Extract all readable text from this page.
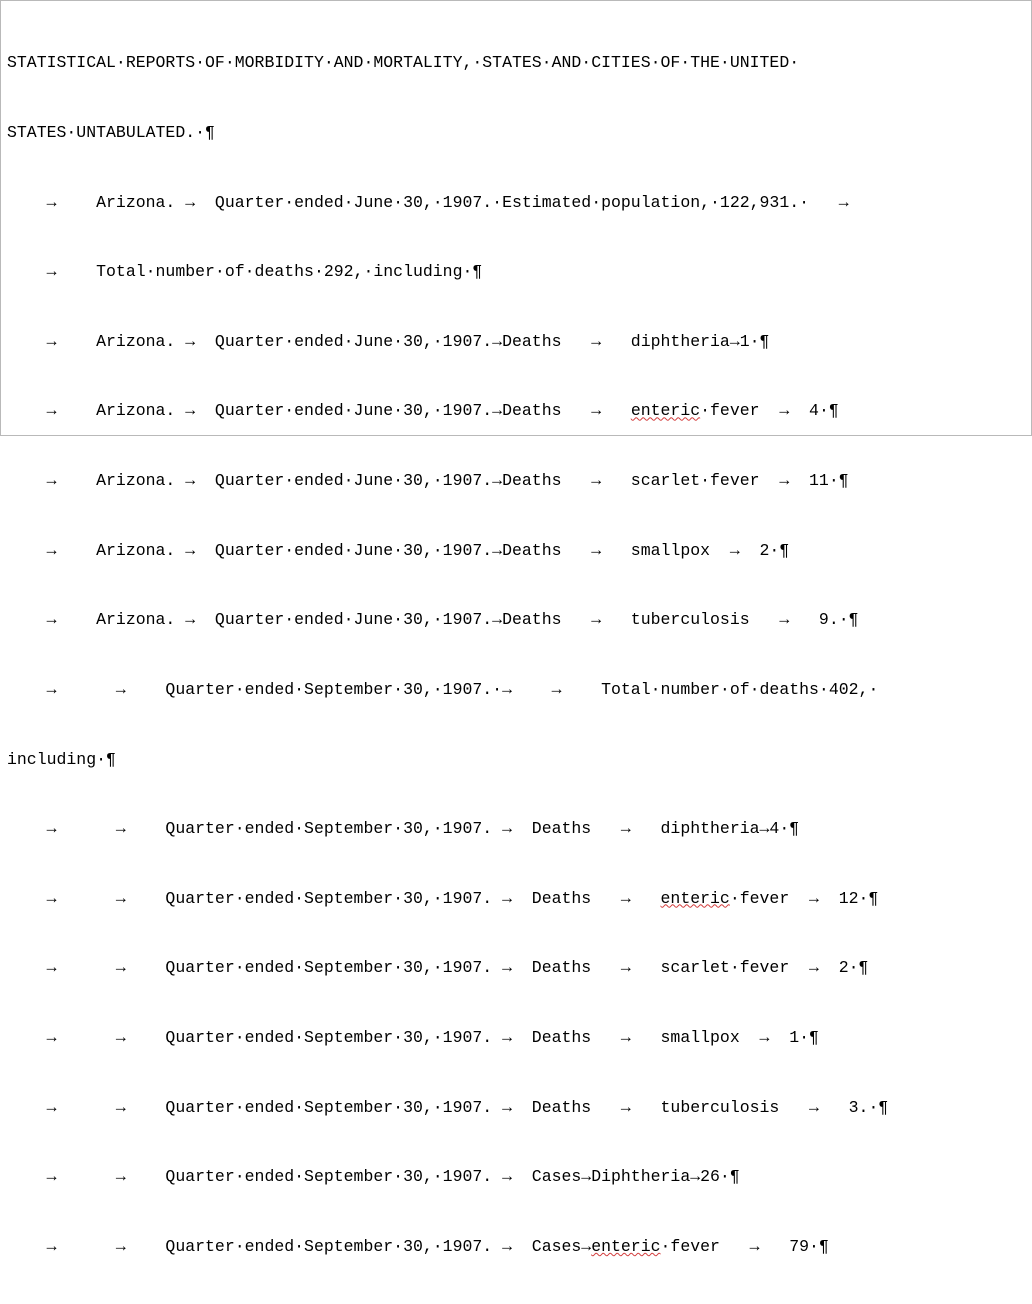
STATISTICAL·REPORTS·OF·MORBIDITY·AND·MORTALITY,·STATES·AND·CITIES·OF·THE·UNITED·

STATES·UNTABULATED.·¶

→    Arizona. →  Quarter·ended·June·30,·1907.·Estimated·population,·122,931.·   →

→    Total·number·of·deaths·292,·including·¶

→    Arizona. →  Quarter·ended·June·30,·1907.→Deaths   →   diphtheria→1·¶

→    Arizona. →  Quarter·ended·June·30,·1907.→Deaths   →   enteric·fever  →  4·¶

→    Arizona. →  Quarter·ended·June·30,·1907.→Deaths   →   scarlet·fever  →  11·¶

→    Arizona. →  Quarter·ended·June·30,·1907.→Deaths   →   smallpox  →  2·¶

→    Arizona. →  Quarter·ended·June·30,·1907.→Deaths   →   tuberculosis   →   9.·¶

→      →    Quarter·ended·September·30,·1907.·→    →    Total·number·of·deaths·402,·

including·¶

→      →    Quarter·ended·September·30,·1907. →  Deaths   →   diphtheria→4·¶

→      →    Quarter·ended·September·30,·1907. →  Deaths   →   enteric·fever  →  12·¶

→      →    Quarter·ended·September·30,·1907. →  Deaths   →   scarlet·fever  →  2·¶

→      →    Quarter·ended·September·30,·1907. →  Deaths   →   smallpox  →  1·¶

→      →    Quarter·ended·September·30,·1907. →  Deaths   →   tuberculosis   →   3.·¶

→      →    Quarter·ended·September·30,·1907. →  Cases→Diphtheria→26·¶

→      →    Quarter·ended·September·30,·1907. →  Cases→enteric·fever   →   79·¶
